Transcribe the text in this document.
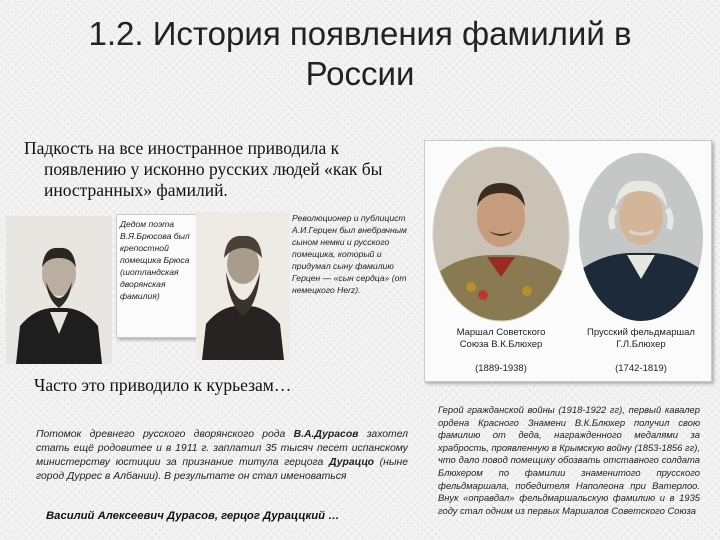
1.2. История появления фамилий в России
Падкость на все иностранное приводила к
появлению у исконно русских людей «как бы
иностранных» фамилий.
Дедом поэта В.Я.Брюсова был крепостной помещика Брюса (шотландская дворянская фамилия)
Революционер и публицист А.И.Герцен был внебрачным сыном немки и русского помещика, который и придумал сыну фамилию Герцен — «сын сердца» (от немецкого Herz).
Маршал Советского
Союза В.К.Блюхер
Прусский фельдмаршал
Г.Л.Блюхер
(1889-1938)	(1742-1819)
Часто это приводило к курьезам…
Потомок древнего русского дворянского рода В.А.Дурасов захотел стать ещё родовитее и в 1911 г. заплатил 35 тысяч песет испанскому министерству юстиции за признание титула герцога Дураццо (ныне город Дуррес в Албании). В результате он стал именоваться
Василий Алексеевич Дурасов, герцог Дураццкий …
Герой гражданской войны (1918-1922 гг), первый кавалер ордена Красного Знамени В.К.Блюхер получил свою фамилию от деда, награжденного медалями за храбрость, проявленную в Крымскую войну (1853-1856 гг), что дало повод помещику обозвать отставного солдата Блюхером по фамилии знаменитого прусского фельдмаршала, победителя Наполеона при Ватерлоо. Внук «оправдал» фельдмаршальскую фамилию и в 1935 году стал одним из первых Маршалов Советского Союза
